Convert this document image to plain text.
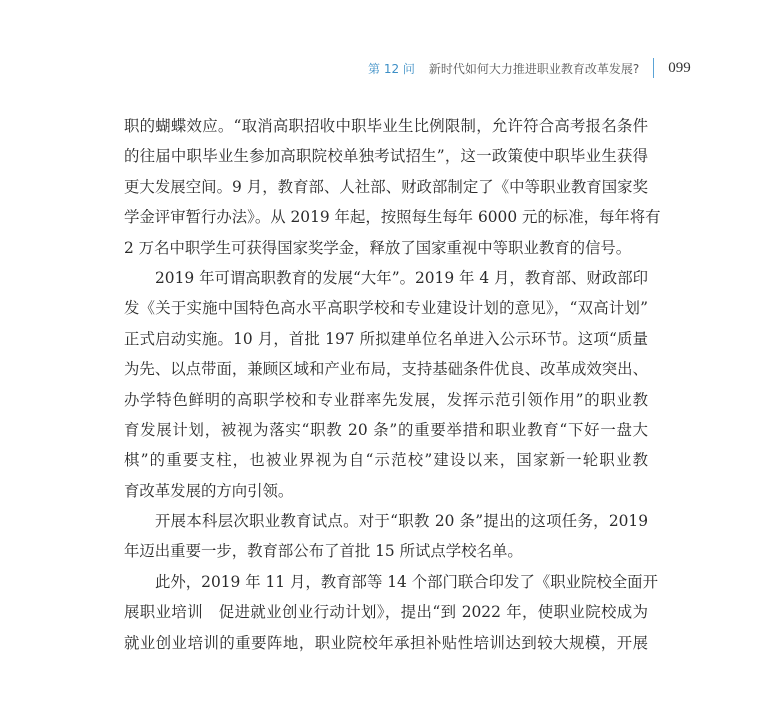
第 12 问 新时代如何大力推进职业教育改革发展? 099
职的蝴蝶效应。“取消高职招收中职毕业生比例限制，允许符合高考报名条件
的往届中职毕业生参加高职院校单独考试招生”，这一政策使中职毕业生获得
更大发展空间。9 月，教育部、人社部、财政部制定了《中等职业教育国家奖
学金评审暂行办法》。从 2019 年起，按照每生每年 6000 元的标准，每年将有
2 万名中职学生可获得国家奖学金，释放了国家重视中等职业教育的信号。
2019 年可谓高职教育的发展“大年”。2019 年 4 月，教育部、财政部印
发《关于实施中国特色高水平高职学校和专业建设计划的意见》，“双高计划”
正式启动实施。10 月，首批 197 所拟建单位名单进入公示环节。这项“质量
为先、以点带面，兼顾区域和产业布局，支持基础条件优良、改革成效突出、
办学特色鲜明的高职学校和专业群率先发展，发挥示范引领作用”的职业教
育发展计划，被视为落实“职教 20 条”的重要举措和职业教育“下好一盘大
棋”的重要支柱，也被业界视为自“示范校”建设以来，国家新一轮职业教
育改革发展的方向引领。
开展本科层次职业教育试点。对于“职教 20 条”提出的这项任务，2019
年迈出重要一步，教育部公布了首批 15 所试点学校名单。
此外，2019 年 11 月，教育部等 14 个部门联合印发了《职业院校全面开
展职业培训　促进就业创业行动计划》，提出“到 2022 年，使职业院校成为
就业创业培训的重要阵地，职业院校年承担补贴性培训达到较大规模，开展
